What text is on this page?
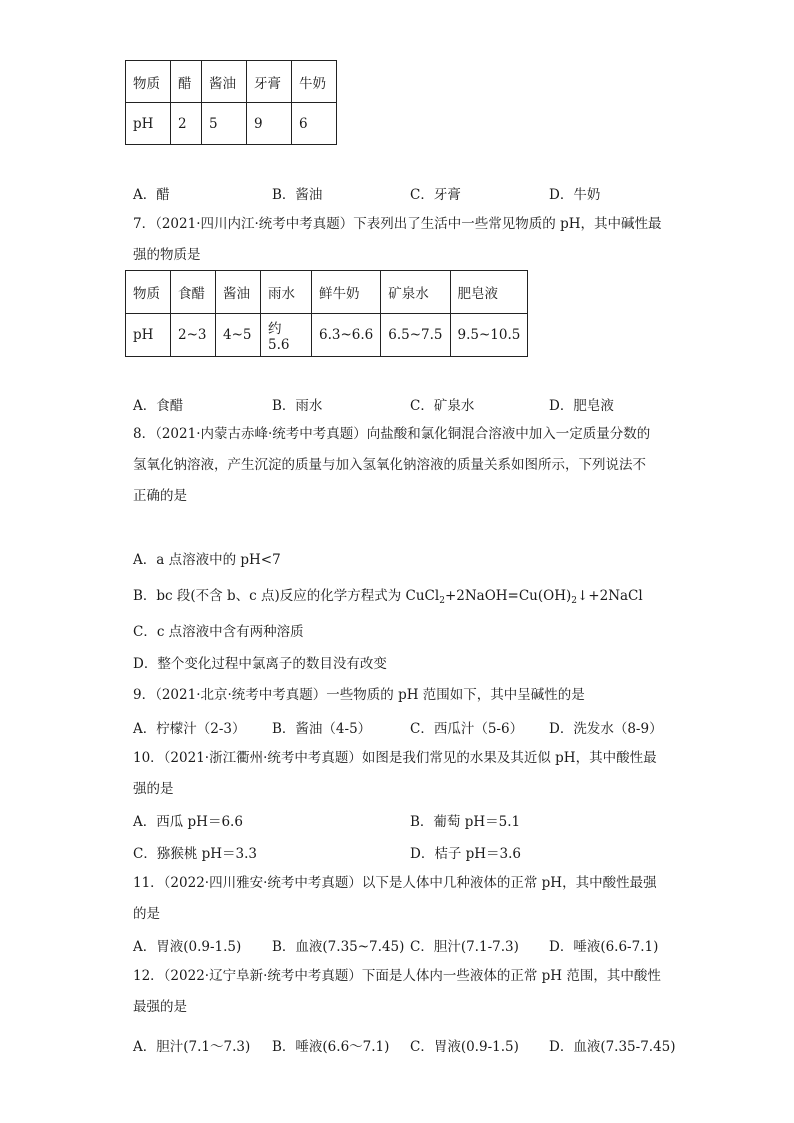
物质	醋	酱油	牙膏	牛奶
pH	2	5	9	6
A．醋	B．酱油	C．牙膏	D．牛奶
7．（2021·四川内江·统考中考真题）下表列出了生活中一些常见物质的 pH，其中碱性最
强的物质是
物质	食醋	酱油	雨水	鲜牛奶	矿泉水	肥皂液
pH	2~3	4~5	约 5.6	6.3~6.6	6.5~7.5	9.5~10.5
A．食醋	B．雨水	C．矿泉水	D．肥皂液
8．（2021·内蒙古赤峰·统考中考真题）向盐酸和氯化铜混合溶液中加入一定质量分数的
氢氧化钠溶液，产生沉淀的质量与加入氢氧化钠溶液的质量关系如图所示，下列说法不
正确的是
A．a 点溶液中的 pH<7
B．bc 段(不含 b、c 点)反应的化学方程式为 $CuCl_2+2NaOH=Cu(OH)_2↓+2NaCl$
C．c 点溶液中含有两种溶质
D．整个变化过程中氯离子的数目没有改变
9．（2021·北京·统考中考真题）一些物质的 pH 范围如下，其中呈碱性的是
A．柠檬汁（2-3） B．酱油（4-5）	C．西瓜汁（5-6） D．洗发水（8-9）
10．（2021·浙江衢州·统考中考真题）如图是我们常见的水果及其近似 pH，其中酸性最
强的是
A．西瓜 pH＝6.6	B．葡萄 pH＝5.1
C．猕猴桃 pH＝3.3	D．桔子 pH＝3.6
11．（2022·四川雅安·统考中考真题）以下是人体中几种液体的正常 pH，其中酸性最强
的是
A．胃液(0.9-1.5) B．血液(7.35~7.45) C．胆汁(7.1-7.3) D．唾液(6.6-7.1)
12．（2022·辽宁阜新·统考中考真题）下面是人体内一些液体的正常 pH 范围，其中酸性
最强的是
A．胆汁(7.1～7.3) B．唾液(6.6～7.1) C．胃液(0.9-1.5) D．血液(7.35-7.45)
